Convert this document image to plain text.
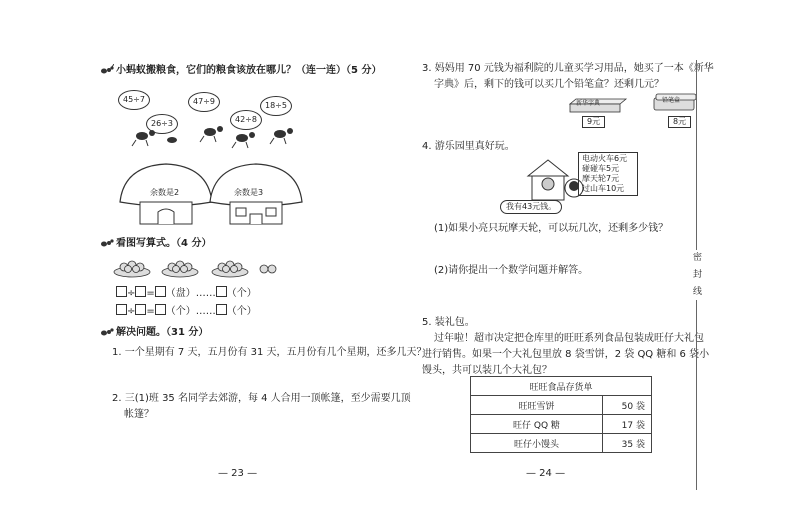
小蚂蚁搬粮食，它们的粮食该放在哪儿？（连一连）（5 分）
45÷7	47÷9	18÷5
26÷3	42÷8
余数是2	余数是3
看图写算式。（4 分）
÷ = （盘）…… （个）
÷ = （个）…… （个）
解决问题。（31 分）
1. 一个星期有 7 天，五月份有 31 天，五月份有几个星期，还多几天？
2. 三(1)班 35 名同学去郊游，每 4 人合用一顶帐篷，至少需要几顶
帐篷？
— 23 —
3. 妈妈用 70 元钱为福利院的儿童买学习用品，她买了一本《新华
字典》后，剩下的钱可以买几个铅笔盒？还剩几元？
新华字典
9元
铅笔盒
8元
4. 游乐园里真好玩。
电动火车6元
碰碰车5元
摩天轮7元
过山车10元
我有43元钱。
(1)如果小亮只玩摩天轮，可以玩几次，还剩多少钱？
(2)请你提出一个数学问题并解答。
5. 装礼包。
过年啦！超市决定把仓库里的旺旺系列食品包装成旺仔大礼包
进行销售。如果一个大礼包里放 8 袋雪饼，2 袋 QQ 糖和 6 袋小
馒头，共可以装几个大礼包？
旺旺食品存货单	
旺旺雪饼	50 袋
旺仔 QQ 糖	17 袋
旺仔小馒头	35 袋
— 24 —
密封线
